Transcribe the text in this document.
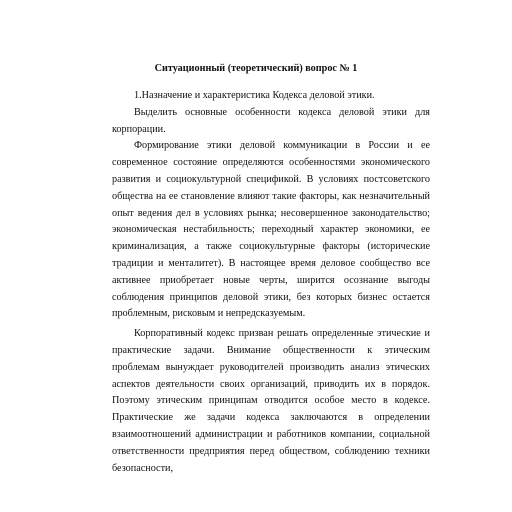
Ситуационный (теоретический) вопрос № 1

1.Назначение и характеристика Кодекса деловой этики.

Выделить основные особенности кодекса деловой этики для корпорации.

Формирование этики деловой коммуникации в России и ее современное состояние определяются особенностями экономического развития и социокультурной спецификой. В условиях постсоветского общества на ее становление влияют такие факторы, как незначительный опыт ведения дел в условиях рынка; несовершенное законодательство; экономическая нестабильность; переходный характер экономики, ее криминализация, а также социокультурные факторы (исторические традиции и менталитет). В настоящее время деловое сообщество все активнее приобретает новые черты, ширится осознание выгоды соблюдения принципов деловой этики, без которых бизнес остается проблемным, рисковым и непредсказуемым.

Корпоративный кодекс призван решать определенные этические и практические задачи. Внимание общественности к этическим проблемам вынуждает руководителей производить анализ этических аспектов деятельности своих организаций, приводить их в порядок. Поэтому этическим принципам отводится особое место в кодексе. Практические же задачи кодекса заключаются в определении взаимоотношений администрации и работников компании, социальной ответственности предприятия перед обществом, соблюдению техники безопасности,
